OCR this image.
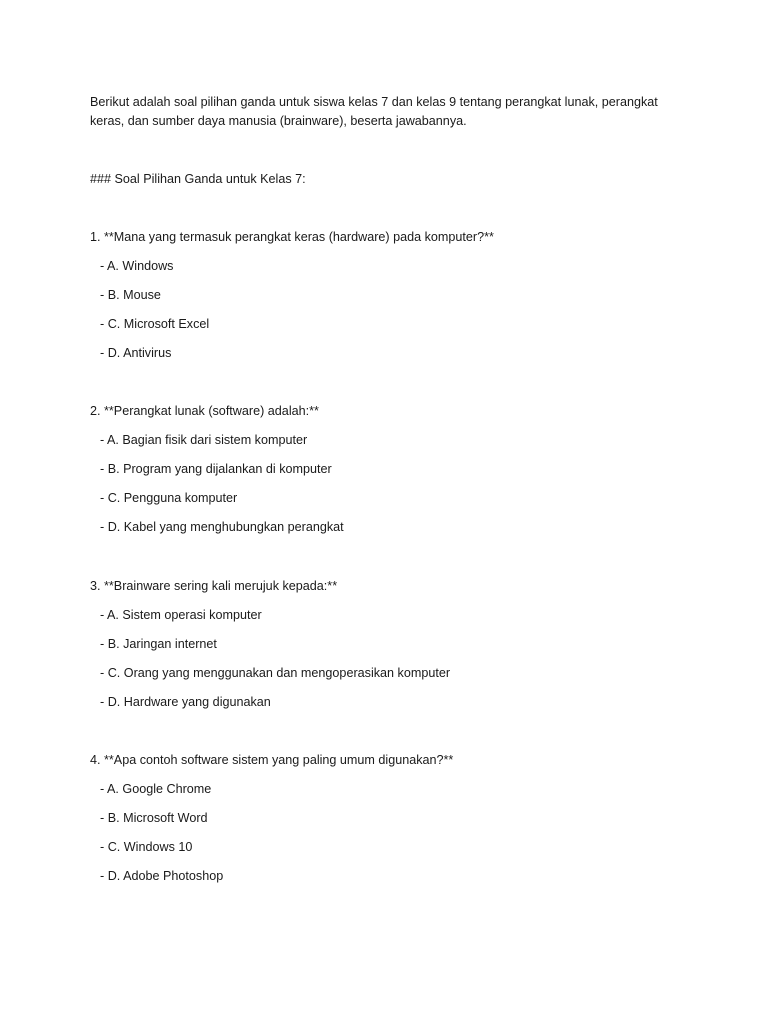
Berikut adalah soal pilihan ganda untuk siswa kelas 7 dan kelas 9 tentang perangkat lunak, perangkat
keras, dan sumber daya manusia (brainware), beserta jawabannya.
### Soal Pilihan Ganda untuk Kelas 7:
1. **Mana yang termasuk perangkat keras (hardware) pada komputer?**
- A. Windows
- B. Mouse
- C. Microsoft Excel
- D. Antivirus
2. **Perangkat lunak (software) adalah:**
- A. Bagian fisik dari sistem komputer
- B. Program yang dijalankan di komputer
- C. Pengguna komputer
- D. Kabel yang menghubungkan perangkat
3. **Brainware sering kali merujuk kepada:**
- A. Sistem operasi komputer
- B. Jaringan internet
- C. Orang yang menggunakan dan mengoperasikan komputer
- D. Hardware yang digunakan
4. **Apa contoh software sistem yang paling umum digunakan?**
- A. Google Chrome
- B. Microsoft Word
- C. Windows 10
- D. Adobe Photoshop
